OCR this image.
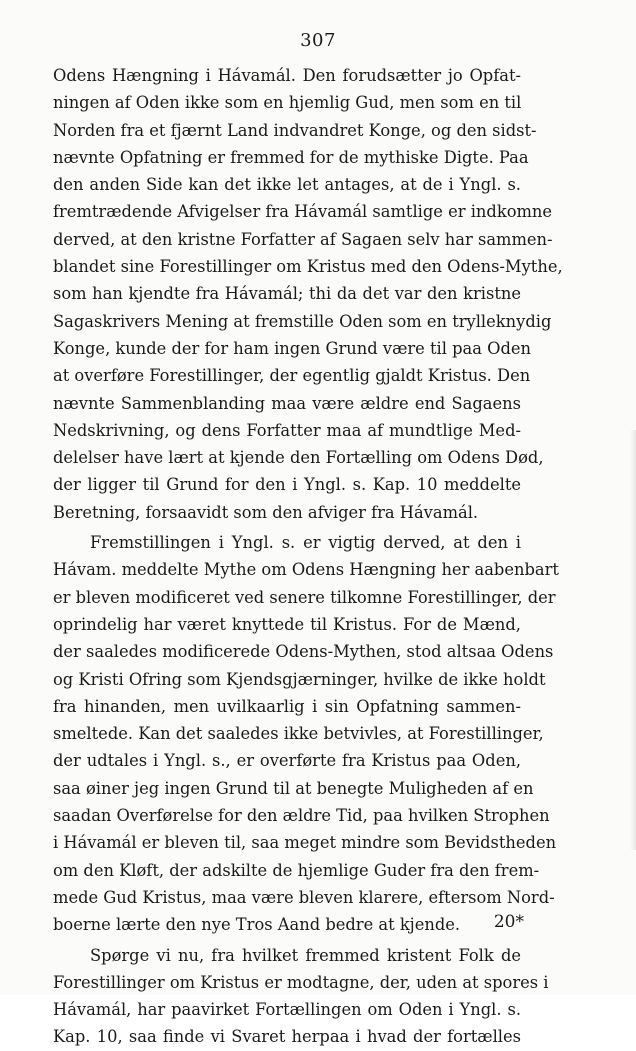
307
Odens Hængning i Hávamál. Den forudsætter jo Opfat-
ningen af Oden ikke som en hjemlig Gud, men som en til
Norden fra et fjærnt Land indvandret Konge, og den sidst-
nævnte Opfatning er fremmed for de mythiske Digte. Paa
den anden Side kan det ikke let antages, at de i Yngl. s.
fremtrædende Afvigelser fra Hávamál samtlige er indkomne
derved, at den kristne Forfatter af Sagaen selv har sammen-
blandet sine Forestillinger om Kristus med den Odens-Mythe,
som han kjendte fra Hávamál; thi da det var den kristne
Sagaskrivers Mening at fremstille Oden som en trylleknydig
Konge, kunde der for ham ingen Grund være til paa Oden
at overføre Forestillinger, der egentlig gjaldt Kristus. Den
nævnte Sammenblanding maa være ældre end Sagaens
Nedskrivning, og dens Forfatter maa af mundtlige Med-
delelser have lært at kjende den Fortælling om Odens Død,
der ligger til Grund for den i Yngl. s. Kap. 10 meddelte
Beretning, forsaavidt som den afviger fra Hávamál.
Fremstillingen i Yngl. s. er vigtig derved, at den i
Hávam. meddelte Mythe om Odens Hængning her aabenbart
er bleven modificeret ved senere tilkomne Forestillinger, der
oprindelig har været knyttede til Kristus. For de Mænd,
der saaledes modificerede Odens-Mythen, stod altsaa Odens
og Kristi Ofring som Kjendsgjærninger, hvilke de ikke holdt
fra hinanden, men uvilkaarlig i sin Opfatning sammen-
smeltede. Kan det saaledes ikke betvivles, at Forestillinger,
der udtales i Yngl. s., er overførte fra Kristus paa Oden,
saa øiner jeg ingen Grund til at benegte Muligheden af en
saadan Overførelse for den ældre Tid, paa hvilken Strophen
i Hávamál er bleven til, saa meget mindre som Bevidstheden
om den Kløft, der adskilte de hjemlige Guder fra den frem-
mede Gud Kristus, maa være bleven klarere, eftersom Nord-
boerne lærte den nye Tros Aand bedre at kjende.
Spørge vi nu, fra hvilket fremmed kristent Folk de
Forestillinger om Kristus er modtagne, der, uden at spores i
Hávamál, har paavirket Fortællingen om Oden i Yngl. s.
Kap. 10, saa finde vi Svaret herpaa i hvad der fortælles
20*
